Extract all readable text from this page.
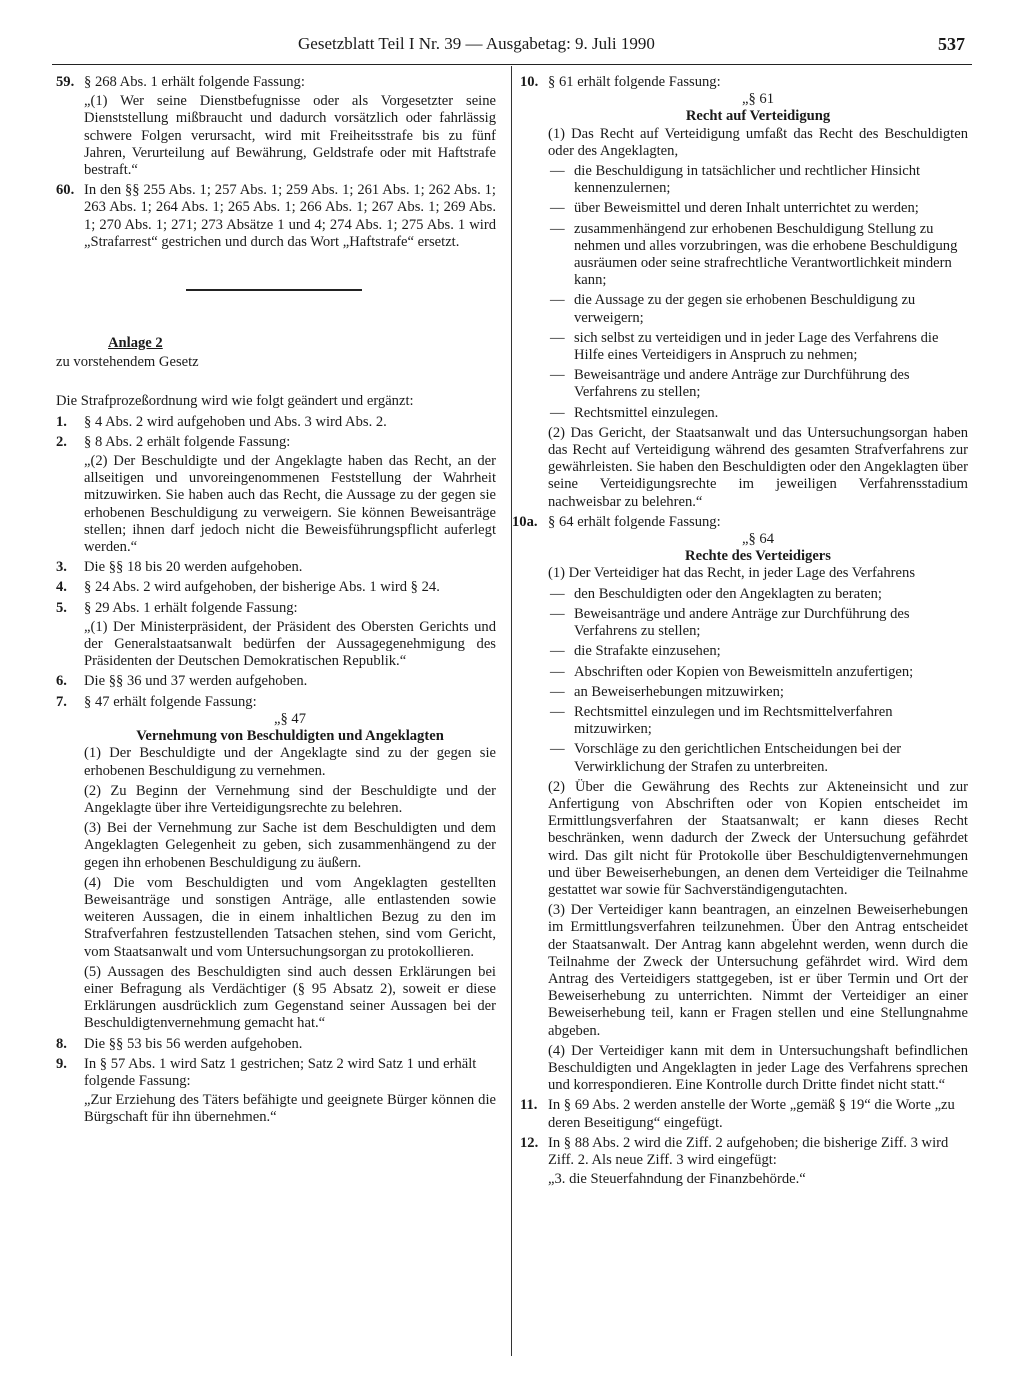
Gesetzblatt Teil I Nr. 39 — Ausgabetag: 9. Juli 1990	537
59. § 268 Abs. 1 erhält folgende Fassung:
„(1) Wer seine Dienstbefugnisse oder als Vorgesetzter seine Dienststellung mißbraucht und dadurch vorsätzlich oder fahrlässig schwere Folgen verursacht, wird mit Freiheitsstrafe bis zu fünf Jahren, Verurteilung auf Bewährung, Geldstrafe oder mit Haftstrafe bestraft.“
60. In den §§ 255 Abs. 1; 257 Abs. 1; 259 Abs. 1; 261 Abs. 1; 262 Abs. 1; 263 Abs. 1; 264 Abs. 1; 265 Abs. 1; 266 Abs. 1; 267 Abs. 1; 269 Abs. 1; 270 Abs. 1; 271; 273 Absätze 1 und 4; 274 Abs. 1; 275 Abs. 1 wird „Strafarrest“ gestrichen und durch das Wort „Haftstrafe“ ersetzt.
Anlage 2
zu vorstehendem Gesetz
Die Strafprozeßordnung wird wie folgt geändert und ergänzt:
1. § 4 Abs. 2 wird aufgehoben und Abs. 3 wird Abs. 2.
2. § 8 Abs. 2 erhält folgende Fassung:
„(2) Der Beschuldigte und der Angeklagte haben das Recht, an der allseitigen und unvoreingenommenen Feststellung der Wahrheit mitzuwirken. Sie haben auch das Recht, die Aussage zu der gegen sie erhobenen Beschuldigung zu verweigern. Sie können Beweisanträge stellen; ihnen darf jedoch nicht die Beweisführungspflicht auferlegt werden.“
3. Die §§ 18 bis 20 werden aufgehoben.
4. § 24 Abs. 2 wird aufgehoben, der bisherige Abs. 1 wird § 24.
5. § 29 Abs. 1 erhält folgende Fassung:
„(1) Der Ministerpräsident, der Präsident des Obersten Gerichts und der Generalstaatsanwalt bedürfen der Aussagegenehmigung des Präsidenten der Deutschen Demokratischen Republik.“
6. Die §§ 36 und 37 werden aufgehoben.
7. § 47 erhält folgende Fassung:
„§ 47
Vernehmung von Beschuldigten und Angeklagten
(1) Der Beschuldigte und der Angeklagte sind zu der gegen sie erhobenen Beschuldigung zu vernehmen.
(2) Zu Beginn der Vernehmung sind der Beschuldigte und der Angeklagte über ihre Verteidigungsrechte zu belehren.
(3) Bei der Vernehmung zur Sache ist dem Beschuldigten und dem Angeklagten Gelegenheit zu geben, sich zusammenhängend zu der gegen ihn erhobenen Beschuldigung zu äußern.
(4) Die vom Beschuldigten und vom Angeklagten gestellten Beweisanträge und sonstigen Anträge, alle entlastenden sowie weiteren Aussagen, die in einem inhaltlichen Bezug zu den im Strafverfahren festzustellenden Tatsachen stehen, sind vom Gericht, vom Staatsanwalt und vom Untersuchungsorgan zu protokollieren.
(5) Aussagen des Beschuldigten sind auch dessen Erklärungen bei einer Befragung als Verdächtiger (§ 95 Absatz 2), soweit er diese Erklärungen ausdrücklich zum Gegenstand seiner Aussagen bei der Beschuldigtenvernehmung gemacht hat.“
8. Die §§ 53 bis 56 werden aufgehoben.
9. In § 57 Abs. 1 wird Satz 1 gestrichen; Satz 2 wird Satz 1 und erhält folgende Fassung:
„Zur Erziehung des Täters befähigte und geeignete Bürger können die Bürgschaft für ihn übernehmen.“
10. § 61 erhält folgende Fassung:
„§ 61
Recht auf Verteidigung
(1) Das Recht auf Verteidigung umfaßt das Recht des Beschuldigten oder des Angeklagten,
— die Beschuldigung in tatsächlicher und rechtlicher Hinsicht kennenzulernen;
— über Beweismittel und deren Inhalt unterrichtet zu werden;
— zusammenhängend zur erhobenen Beschuldigung Stellung zu nehmen und alles vorzubringen, was die erhobene Beschuldigung ausräumen oder seine strafrechtliche Verantwortlichkeit mindern kann;
— die Aussage zu der gegen sie erhobenen Beschuldigung zu verweigern;
— sich selbst zu verteidigen und in jeder Lage des Verfahrens die Hilfe eines Verteidigers in Anspruch zu nehmen;
— Beweisanträge und andere Anträge zur Durchführung des Verfahrens zu stellen;
— Rechtsmittel einzulegen.
(2) Das Gericht, der Staatsanwalt und das Untersuchungsorgan haben das Recht auf Verteidigung während des gesamten Strafverfahrens zur gewährleisten. Sie haben den Beschuldigten oder den Angeklagten über seine Verteidigungsrechte im jeweiligen Verfahrensstadium nachweisbar zu belehren.“
10a. § 64 erhält folgende Fassung:
„§ 64
Rechte des Verteidigers
(1) Der Verteidiger hat das Recht, in jeder Lage des Verfahrens
— den Beschuldigten oder den Angeklagten zu beraten;
— Beweisanträge und andere Anträge zur Durchführung des Verfahrens zu stellen;
— die Strafakte einzusehen;
— Abschriften oder Kopien von Beweismitteln anzufertigen;
— an Beweiserhebungen mitzuwirken;
— Rechtsmittel einzulegen und im Rechtsmittelverfahren mitzuwirken;
— Vorschläge zu den gerichtlichen Entscheidungen bei der Verwirklichung der Strafen zu unterbreiten.
(2) Über die Gewährung des Rechts zur Akteneinsicht und zur Anfertigung von Abschriften oder von Kopien entscheidet im Ermittlungsverfahren der Staatsanwalt; er kann dieses Recht beschränken, wenn dadurch der Zweck der Untersuchung gefährdet wird. Das gilt nicht für Protokolle über Beschuldigtenvernehmungen und über Beweiserhebungen, an denen dem Verteidiger die Teilnahme gestattet war sowie für Sachverständigengutachten.
(3) Der Verteidiger kann beantragen, an einzelnen Beweiserhebungen im Ermittlungsverfahren teilzunehmen. Über den Antrag entscheidet der Staatsanwalt. Der Antrag kann abgelehnt werden, wenn durch die Teilnahme der Zweck der Untersuchung gefährdet wird. Wird dem Antrag des Verteidigers stattgegeben, ist er über Termin und Ort der Beweiserhebung zu unterrichten. Nimmt der Verteidiger an einer Beweiserhebung teil, kann er Fragen stellen und eine Stellungnahme abgeben.
(4) Der Verteidiger kann mit dem in Untersuchungshaft befindlichen Beschuldigten und Angeklagten in jeder Lage des Verfahrens sprechen und korrespondieren. Eine Kontrolle durch Dritte findet nicht statt.“
11. In § 69 Abs. 2 werden anstelle der Worte „gemäß § 19“ die Worte „zu deren Beseitigung“ eingefügt.
12. In § 88 Abs. 2 wird die Ziff. 2 aufgehoben; die bisherige Ziff. 3 wird Ziff. 2. Als neue Ziff. 3 wird eingefügt:
„3. die Steuerfahndung der Finanzbehörde.“
